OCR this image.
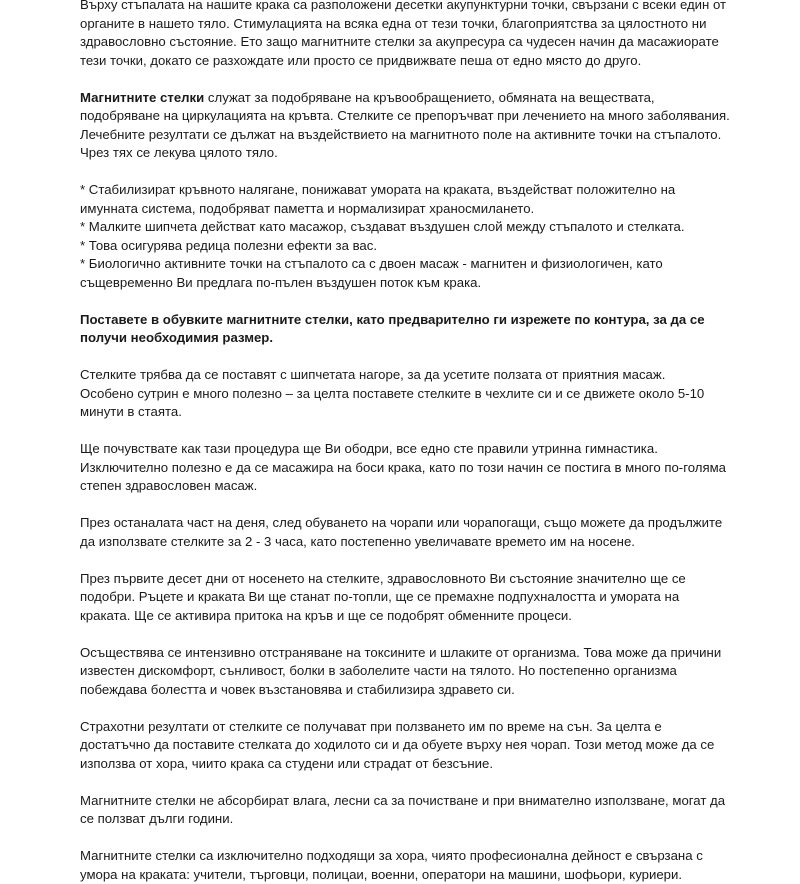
Върху стъпалата на нашите крака са разположени десетки акупунктурни точки, свързани с всеки един от органите в нашето тяло. Стимулацията на всяка една от тези точки, благоприятства за цялостното ни здравословно състояние. Ето защо магнитните стелки за акупресура са чудесен начин да масажиорате тези точки, докато се разхождате или просто се придвижвате пеша от едно място до друго.

Магнитните стелки служат за подобряване на кръвообращението, обмяната на веществата, подобряване на циркулацията на кръвта. Стелките се препоръчват при лечението на много заболявания. Лечебните резултати се дължат на въздействието на магнитното поле на активните точки на стъпалото. Чрез тях се лекува цялото тяло.

* Стабилизират кръвното налягане, понижават умората на краката, въздействат положително на имунната система, подобряват паметта и нормализират храносмилането.
* Малките шипчета действат като масажор, създават въздушен слой между стъпалото и стелката.
* Това осигурява редица полезни ефекти за вас.
* Биологично активните точки на стъпалото са с двоен масаж - магнитен и физиологичен, като същевременно Ви предлага по-пълен въздушен поток към крака.

Поставете в обувките магнитните стелки, като предварително ги изрежете по контура, за да се получи необходимия размер.

Стелките трябва да се поставят с шипчетата нагоре, за да усетите ползата от приятния масаж.
Особено сутрин е много полезно – за целта поставете стелките в чехлите си и се движете около 5-10 минути в стаята.
Ще почувствате как тази процедура ще Ви ободри, все едно сте правили утринна гимнастика.
Изключително полезно е да се масажира на боси крака, като по този начин се постига в много по-голяма степен здравословен масаж.

През останалата част на деня, след обуването на чорапи или чорапогащи, също можете да продължите да използвате стелките за 2 - 3 часа, като постепенно увеличавате времето им на носене.

През първите десет дни от носенето на стелките, здравословното Ви състояние значително ще се подобри. Ръцете и краката Ви ще станат по-топли, ще се премахне подпухналостта и умората на краката. Ще се активира притока на кръв и ще се подобрят обменните процеси.

Осъществява се интензивно отстраняване на токсините и шлаките от организма. Това може да причини известен дискомфорт, сънливост, болки в заболелите части на тялото. Но постепенно организма побеждава болестта и човек възстановява и стабилизира здравето си.

Страхотни резултати от стелките се получават при ползването им по време на сън. За целта е достатъчно да поставите стелката до ходилото си и да обуете върху нея чорап. Този метод може да се използва от хора, чиито крака са студени или страдат от безсъние.

Магнитните стелки не абсорбират влага, лесни са за почистване и при внимателно използване, могат да се ползват дълги години.

Магнитните стелки са изключително подходящи за хора, чиято професионална дейност е свързана с умора на краката: учители, търговци, полицаи, военни, оператори на машини, шофьори, куриери.
